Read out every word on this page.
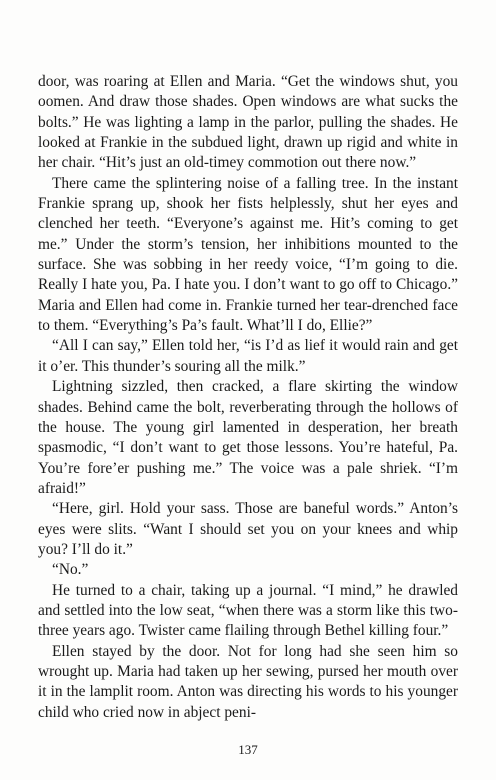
door, was roaring at Ellen and Maria. “Get the windows shut, you oomen. And draw those shades. Open windows are what sucks the bolts.” He was lighting a lamp in the parlor, pulling the shades. He looked at Frankie in the subdued light, drawn up rigid and white in her chair. “Hit’s just an old-timey commotion out there now.”

There came the splintering noise of a falling tree. In the instant Frankie sprang up, shook her fists helplessly, shut her eyes and clenched her teeth. “Everyone’s against me. Hit’s coming to get me.” Under the storm’s tension, her inhibitions mounted to the surface. She was sobbing in her reedy voice, “I’m going to die. Really I hate you, Pa. I hate you. I don’t want to go off to Chicago.” Maria and Ellen had come in. Frankie turned her tear-drenched face to them. “Everything’s Pa’s fault. What’ll I do, Ellie?”

“All I can say,” Ellen told her, “is I’d as lief it would rain and get it o’er. This thunder’s souring all the milk.”

Lightning sizzled, then cracked, a flare skirting the window shades. Behind came the bolt, reverberating through the hollows of the house. The young girl lamented in desperation, her breath spasmodic, “I don’t want to get those lessons. You’re hateful, Pa. You’re fore’er pushing me.” The voice was a pale shriek. “I’m afraid!”

“Here, girl. Hold your sass. Those are baneful words.” Anton’s eyes were slits. “Want I should set you on your knees and whip you? I’ll do it.”

“No.”

He turned to a chair, taking up a journal. “I mind,” he drawled and settled into the low seat, “when there was a storm like this two-three years ago. Twister came flailing through Bethel killing four.”

Ellen stayed by the door. Not for long had she seen him so wrought up. Maria had taken up her sewing, pursed her mouth over it in the lamplit room. Anton was directing his words to his younger child who cried now in abject peni-

137
